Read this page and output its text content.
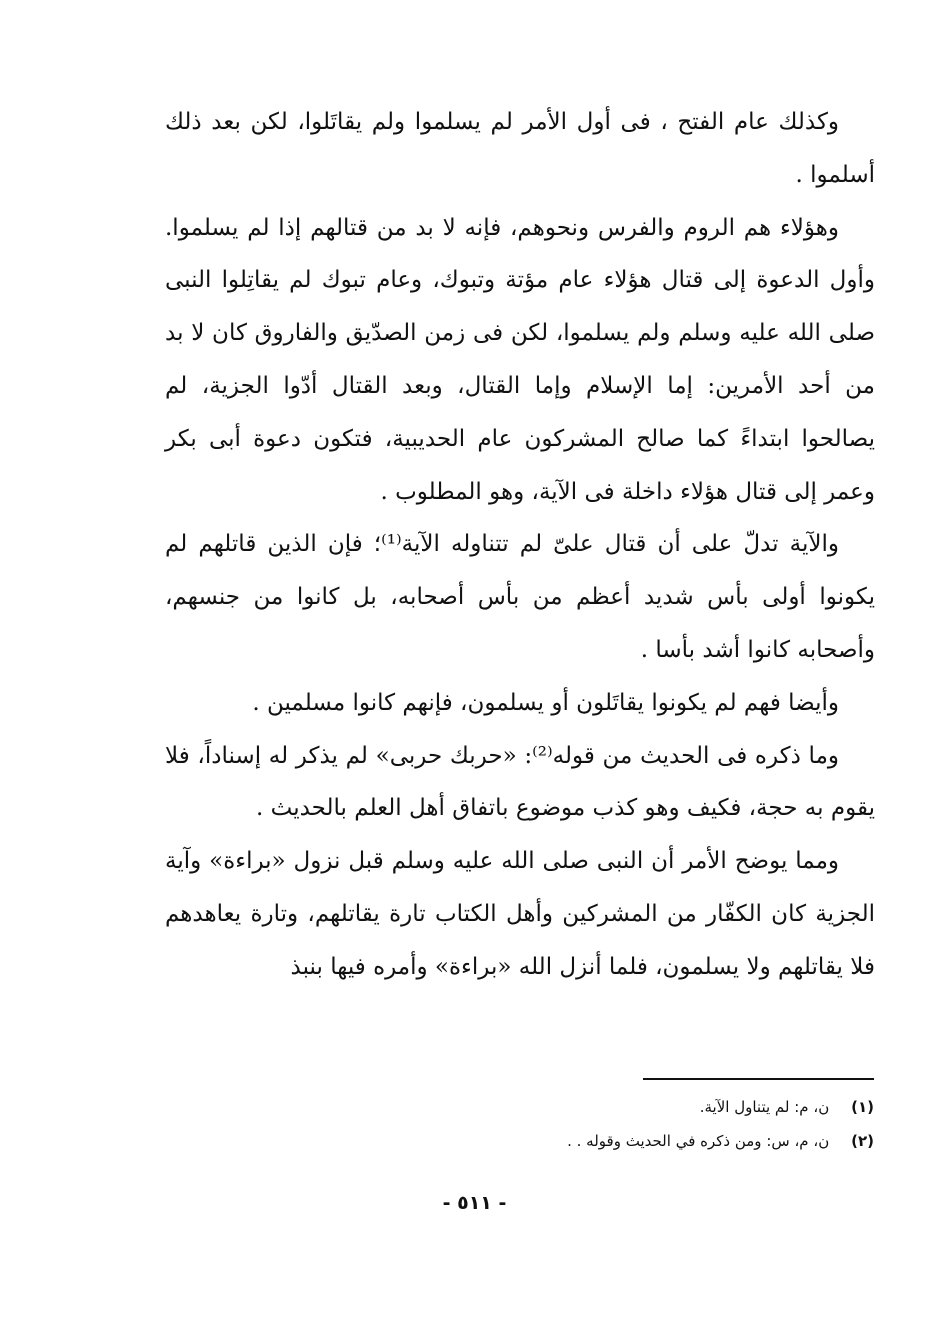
وكذلك عام الفتح ، فى أول الأمر لم يسلموا ولم يقاتَلوا، لكن بعد ذلك أسلموا .

وهؤلاء هم الروم والفرس ونحوهم، فإنه لا بد من قتالهم إذا لم يسلموا. وأول الدعوة إلى قتال هؤلاء عام مؤتة وتبوك، وعام تبوك لم يقاتِلوا النبى صلى الله عليه وسلم ولم يسلموا، لكن فى زمن الصدّيق والفاروق كان لا بد من أحد الأمرين: إما الإسلام وإما القتال، وبعد القتال أدّوا الجزية، لم يصالحوا ابتداءً كما صالح المشركون عام الحديبية، فتكون دعوة أبى بكر وعمر إلى قتال هؤلاء داخلة فى الآية، وهو المطلوب .

والآية تدلّ على أن قتال علىّ لم تتناوله الآية⁽¹⁾؛ فإن الذين قاتلهم لم يكونوا أولى بأس شديد أعظم من بأس أصحابه، بل كانوا من جنسهم، وأصحابه كانوا أشد بأسا .

وأيضا فهم لم يكونوا يقاتَلون أو يسلمون، فإنهم كانوا مسلمين .

وما ذكره فى الحديث من قوله⁽²⁾: «حربك حربى» لم يذكر له إسناداً، فلا يقوم به حجة، فكيف وهو كذب موضوع باتفاق أهل العلم بالحديث .

ومما يوضح الأمر أن النبى صلى الله عليه وسلم قبل نزول «براءة» وآية الجزية كان الكفّار من المشركين وأهل الكتاب تارة يقاتلهم، وتارة يعاهدهم فلا يقاتلهم ولا يسلمون، فلما أنزل الله «براءة» وأمره فيها بنبذ

(١) ن، م: لم يتناول الآية.
(٢) ن، م، س: ومن ذكره في الحديث وقوله . .
- ٥١١ -
